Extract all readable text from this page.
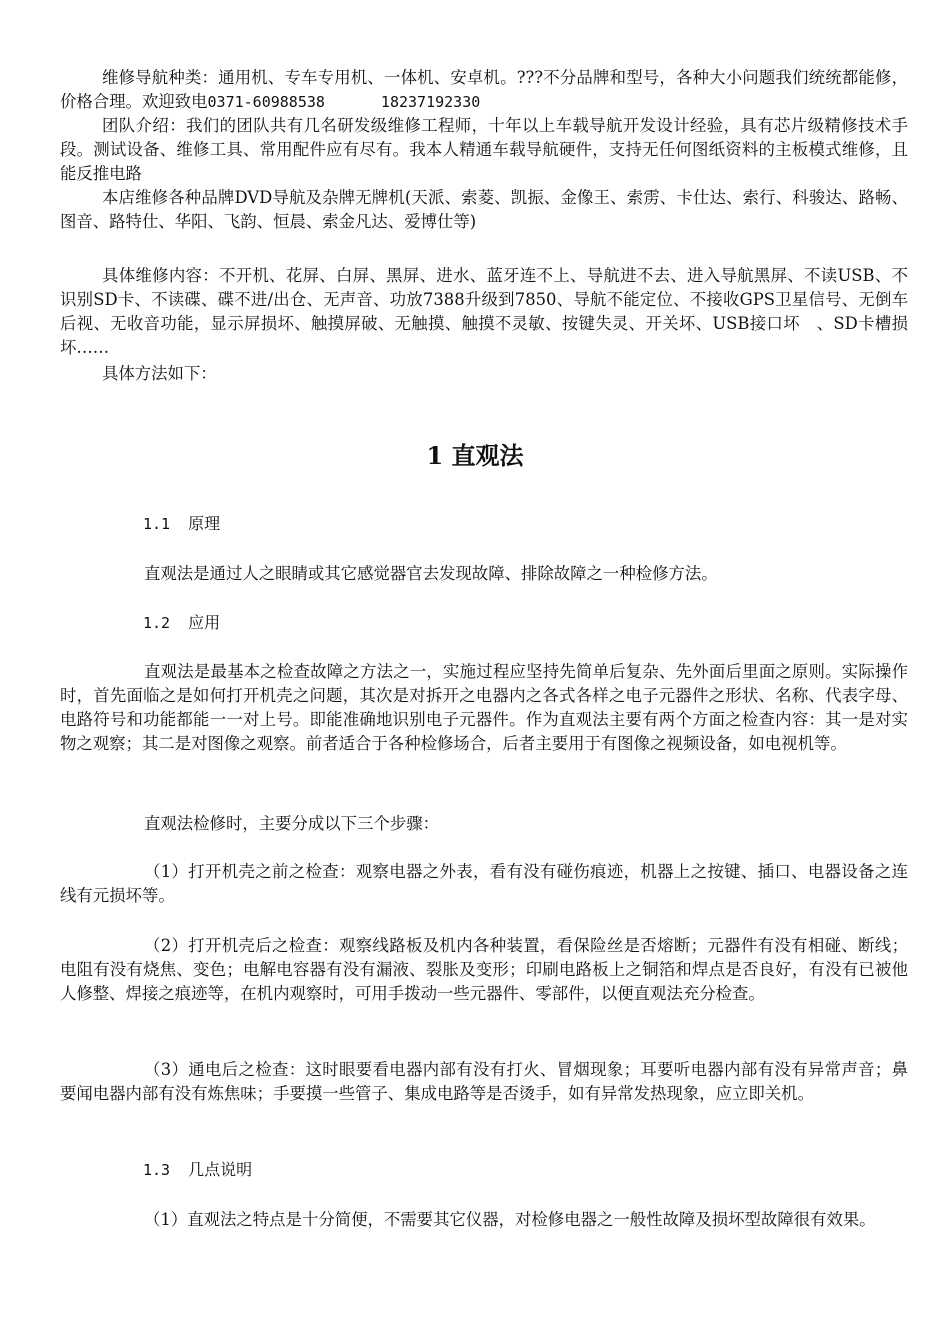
维修导航种类：通用机、专车专用机、一体机、安卓机。???不分品牌和型号，各种大小问题我们统统都能修，价格合理。欢迎致电0371-60988538	18237192330

团队介绍：我们的团队共有几名研发级维修工程师，十年以上车载导航开发设计经验，具有芯片级精修技术手段。测试设备、维修工具、常用配件应有尽有。我本人精通车载导航硬件，支持无任何图纸资料的主板模式维修，且能反推电路

本店维修各种品牌DVD导航及杂牌无牌机(天派、索菱、凯振、金像王、索雳、卡仕达、索行、科骏达、路畅、图音、路特仕、华阳、飞韵、恒晨、索金凡达、爱博仕等)

具体维修内容：不开机、花屏、白屏、黑屏、进水、蓝牙连不上、导航进不去、进入导航黑屏、不读USB、不识别SD卡、不读碟、碟不进/出仓、无声音、功放7388升级到7850、导航不能定位、不接收GPS卫星信号、无倒车后视、无收音功能，显示屏损坏、触摸屏破、无触摸、触摸不灵敏、按键失灵、开关坏、USB接口坏　、SD卡槽损坏……

具体方法如下：

1 直观法

1.1 原理

直观法是通过人之眼睛或其它感觉器官去发现故障、排除故障之一种检修方法。

1.2 应用

直观法是最基本之检查故障之方法之一，实施过程应坚持先简单后复杂、先外面后里面之原则。实际操作时，首先面临之是如何打开机壳之问题，其次是对拆开之电器内之各式各样之电子元器件之形状、名称、代表字母、电路符号和功能都能一一对上号。即能准确地识别电子元器件。作为直观法主要有两个方面之检查内容：其一是对实物之观察；其二是对图像之观察。前者适合于各种检修场合，后者主要用于有图像之视频设备，如电视机等。

直观法检修时，主要分成以下三个步骤：

（1）打开机壳之前之检查：观察电器之外表，看有没有碰伤痕迹，机器上之按键、插口、电器设备之连线有元损坏等。

（2）打开机壳后之检查：观察线路板及机内各种装置，看保险丝是否熔断；元器件有没有相碰、断线；电阻有没有烧焦、变色；电解电容器有没有漏液、裂胀及变形；印刷电路板上之铜箔和焊点是否良好，有没有已被他人修整、焊接之痕迹等，在机内观察时，可用手拨动一些元器件、零部件，以便直观法充分检查。

（3）通电后之检查：这时眼要看电器内部有没有打火、冒烟现象；耳要听电器内部有没有异常声音；鼻要闻电器内部有没有炼焦味；手要摸一些管子、集成电路等是否烫手，如有异常发热现象，应立即关机。

1.3 几点说明

（1）直观法之特点是十分简便，不需要其它仪器，对检修电器之一般性故障及损坏型故障很有效果。
